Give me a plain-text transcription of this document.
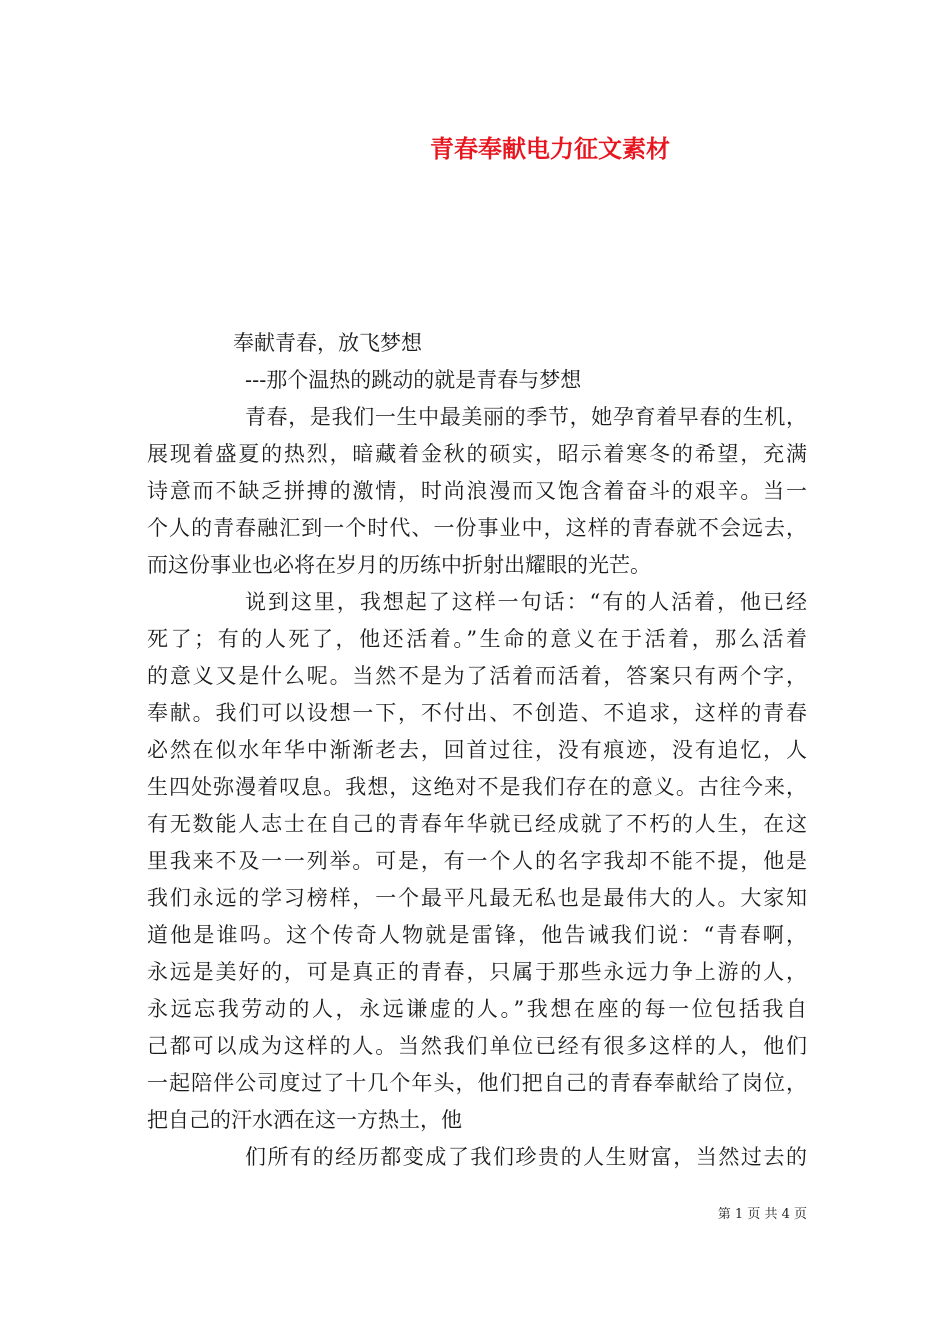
青春奉献电力征文素材
奉献青春，放飞梦想
---那个温热的跳动的就是青春与梦想
青春，是我们一生中最美丽的季节，她孕育着早春的生机，
展现着盛夏的热烈，暗藏着金秋的硕实，昭示着寒冬的希望，充满
诗意而不缺乏拼搏的激情，时尚浪漫而又饱含着奋斗的艰辛。当一
个人的青春融汇到一个时代、一份事业中，这样的青春就不会远去，
而这份事业也必将在岁月的历练中折射出耀眼的光芒。
说到这里，我想起了这样一句话：“有的人活着，他已经
死了；有的人死了，他还活着。”生命的意义在于活着，那么活着
的意义又是什么呢。当然不是为了活着而活着，答案只有两个字，
奉献。我们可以设想一下，不付出、不创造、不追求，这样的青春
必然在似水年华中渐渐老去，回首过往，没有痕迹，没有追忆，人
生四处弥漫着叹息。我想，这绝对不是我们存在的意义。古往今来，
有无数能人志士在自己的青春年华就已经成就了不朽的人生，在这
里我来不及一一列举。可是，有一个人的名字我却不能不提，他是
我们永远的学习榜样，一个最平凡最无私也是最伟大的人。大家知
道他是谁吗。这个传奇人物就是雷锋，他告诫我们说：“青春啊，
永远是美好的，可是真正的青春，只属于那些永远力争上游的人，
永远忘我劳动的人，永远谦虚的人。”我想在座的每一位包括我自
己都可以成为这样的人。当然我们单位已经有很多这样的人，他们
一起陪伴公司度过了十几个年头，他们把自己的青春奉献给了岗位，
把自己的汗水洒在这一方热土，他
们所有的经历都变成了我们珍贵的人生财富，当然过去的
第 1 页 共 4 页
